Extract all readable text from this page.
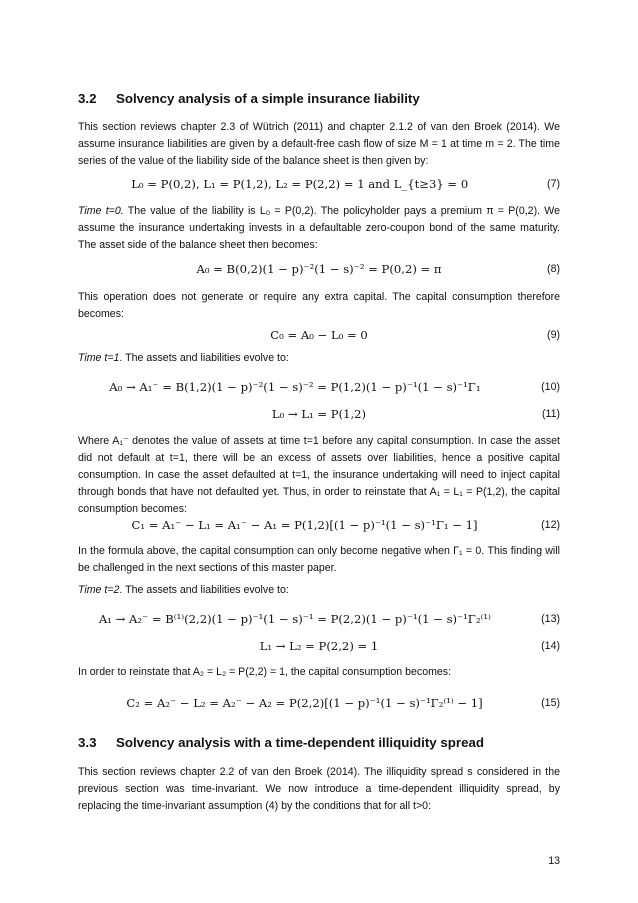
3.2 Solvency analysis of a simple insurance liability
This section reviews chapter 2.3 of Wütrich (2011) and chapter 2.1.2 of van den Broek (2014). We assume insurance liabilities are given by a default-free cash flow of size M = 1 at time m = 2. The time series of the value of the liability side of the balance sheet is then given by:
L₀ = P(0,2), L₁ = P(1,2), L₂ = P(2,2) = 1 and L_{t≥3} = 0	(7)
Time t=0. The value of the liability is L₀ = P(0,2). The policyholder pays a premium π = P(0,2). We assume the insurance undertaking invests in a defaultable zero-coupon bond of the same maturity. The asset side of the balance sheet then becomes:
A₀ = B(0,2)(1 − p)⁻²(1 − s)⁻² = P(0,2) = π	(8)
This operation does not generate or require any extra capital. The capital consumption therefore becomes:
C₀ = A₀ − L₀ = 0	(9)
Time t=1. The assets and liabilities evolve to:
A₀ → A₁⁻ = B(1,2)(1 − p)⁻²(1 − s)⁻² = P(1,2)(1 − p)⁻¹(1 − s)⁻¹Γ₁	(10)
L₀ → L₁ = P(1,2)	(11)
Where A₁⁻ denotes the value of assets at time t=1 before any capital consumption. In case the asset did not default at t=1, there will be an excess of assets over liabilities, hence a positive capital consumption. In case the asset defaulted at t=1, the insurance undertaking will need to inject capital through bonds that have not defaulted yet. Thus, in order to reinstate that A₁ = L₁ = P(1,2), the capital consumption becomes:
C₁ = A₁⁻ − L₁ = A₁⁻ − A₁ = P(1,2)[(1 − p)⁻¹(1 − s)⁻¹Γ₁ − 1]	(12)
In the formula above, the capital consumption can only become negative when Γ₁ = 0. This finding will be challenged in the next sections of this master paper.
Time t=2. The assets and liabilities evolve to:
A₁ → A₂⁻ = B⁽¹⁾(2,2)(1 − p)⁻¹(1 − s)⁻¹ = P(2,2)(1 − p)⁻¹(1 − s)⁻¹Γ₂⁽¹⁾	(13)
L₁ → L₂ = P(2,2) = 1	(14)
In order to reinstate that A₂ = L₂ = P(2,2) = 1, the capital consumption becomes:
C₂ = A₂⁻ − L₂ = A₂⁻ − A₂ = P(2,2)[(1 − p)⁻¹(1 − s)⁻¹Γ₂⁽¹⁾ − 1]	(15)
3.3 Solvency analysis with a time-dependent illiquidity spread
This section reviews chapter 2.2 of van den Broek (2014). The illiquidity spread s considered in the previous section was time-invariant. We now introduce a time-dependent illiquidity spread, by replacing the time-invariant assumption (4) by the conditions that for all t>0:
13
